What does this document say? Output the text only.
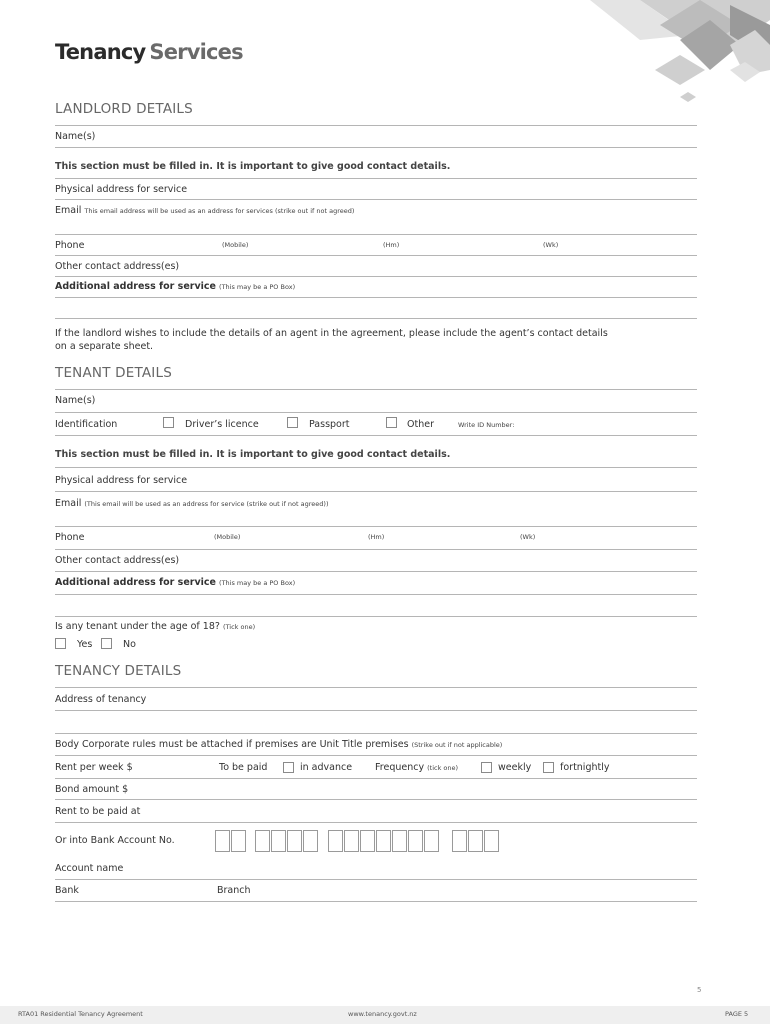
Tenancy Services
LANDLORD DETAILS
Name(s)
This section must be filled in. It is important to give good contact details.
Physical address for service
Email This email address will be used as an address for services (strike out if not agreed)
Phone	(Mobile)	(Hm)	(Wk)
Other contact address(es)
Additional address for service (This may be a PO Box)
If the landlord wishes to include the details of an agent in the agreement, please include the agent’s contact details
on a separate sheet.
TENANT DETAILS
Name(s)
Identification	Driver’s licence	Passport	Other	Write ID Number:
This section must be filled in. It is important to give good contact details.
Physical address for service
Email (This email will be used as an address for service (strike out if not agreed))
Phone	(Mobile)	(Hm)	(Wk)
Other contact address(es)
Additional address for service (This may be a PO Box)
Is any tenant under the age of 18? (Tick one)
Yes	No
TENANCY DETAILS
Address of tenancy
Body Corporate rules must be attached if premises are Unit Title premises (Strike out if not applicable)
Rent per week $	To be paid	in advance Frequency (tick one)	weekly	fortnightly
Bond amount $
Rent to be paid at
Or into Bank Account No.
Account name
Bank	Branch
5
RTA01 Residential Tenancy Agreement	www.tenancy.govt.nz	PAGE 5
